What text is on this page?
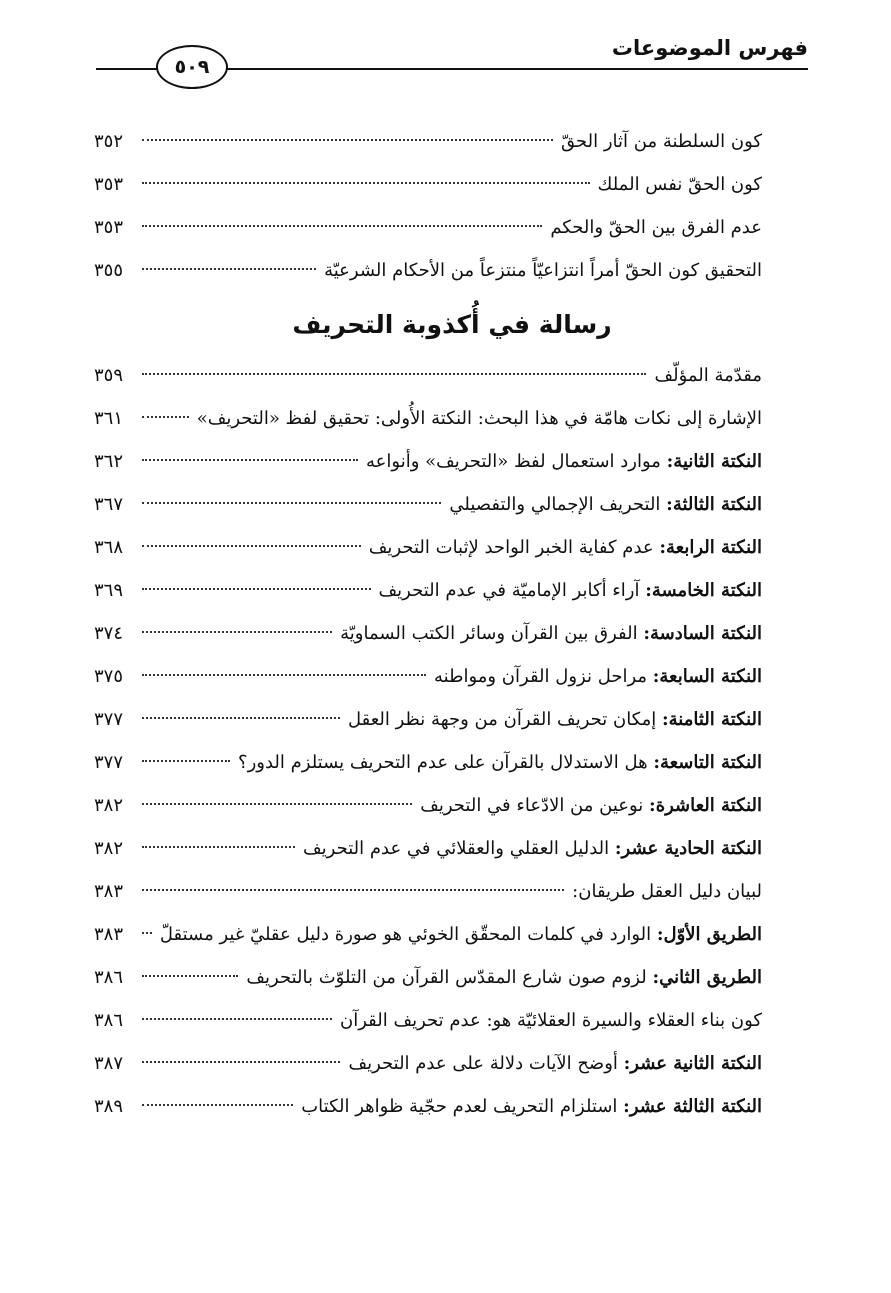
فهرس الموضوعات
٥٠٩
كون السلطنة من آثار الحقّ
٣٥٢
كون الحقّ نفس الملك
٣٥٣
عدم الفرق بين الحقّ والحكم
٣٥٣
التحقيق كون الحقّ أمراً انتزاعيّاً منتزعاً من الأحكام الشرعيّة
٣٥٥
رسالة في أُكذوبة التحريف
مقدّمة المؤلّف
٣٥٩
الإشارة إلى نكات هامّة في هذا البحث: النكتة الأُولى: تحقيق لفظ «التحريف»
٣٦١
النكتة الثانية: موارد استعمال لفظ «التحريف» وأنواعه
٣٦٢
النكتة الثالثة: التحريف الإجمالي والتفصيلي
٣٦٧
النكتة الرابعة: عدم كفاية الخبر الواحد لإثبات التحريف
٣٦٨
النكتة الخامسة: آراء أكابر الإماميّة في عدم التحريف
٣٦٩
النكتة السادسة: الفرق بين القرآن وسائر الكتب السماويّة
٣٧٤
النكتة السابعة: مراحل نزول القرآن ومواطنه
٣٧٥
النكتة الثامنة: إمكان تحريف القرآن من وجهة نظر العقل
٣٧٧
النكتة التاسعة: هل الاستدلال بالقرآن على عدم التحريف يستلزم الدور؟
٣٧٧
النكتة العاشرة: نوعين من الادّعاء في التحريف
٣٨٢
النكتة الحادية عشر: الدليل العقلي والعقلائي في عدم التحريف
٣٨٢
لبيان دليل العقل طريقان:
٣٨٣
الطريق الأوّل: الوارد في كلمات المحقّق الخوئي هو صورة دليل عقليّ غير مستقلّ
٣٨٣
الطريق الثاني: لزوم صون شارع المقدّس القرآن من التلوّث بالتحريف
٣٨٦
كون بناء العقلاء والسيرة العقلائيّة هو: عدم تحريف القرآن
٣٨٦
النكتة الثانية عشر: أوضح الآيات دلالة على عدم التحريف
٣٨٧
النكتة الثالثة عشر: استلزام التحريف لعدم حجّية ظواهر الكتاب
٣٨٩
